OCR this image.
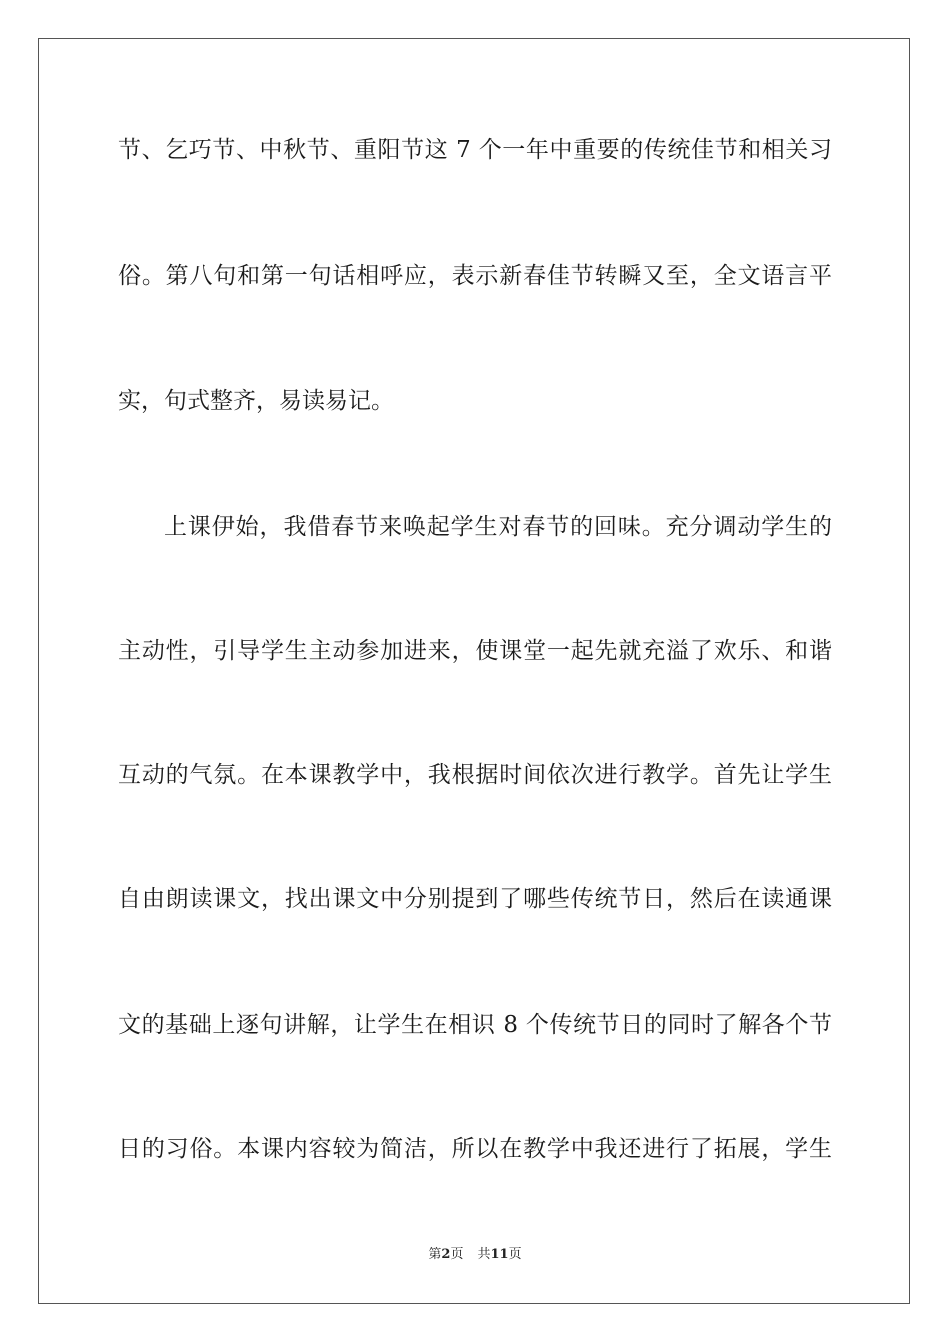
节、乞巧节、中秋节、重阳节这 7 个一年中重要的传统佳节和相关习
俗。第八句和第一句话相呼应，表示新春佳节转瞬又至，全文语言平
实，句式整齐，易读易记。
上课伊始，我借春节来唤起学生对春节的回味。充分调动学生的
主动性，引导学生主动参加进来，使课堂一起先就充溢了欢乐、和谐
互动的气氛。在本课教学中，我根据时间依次进行教学。首先让学生
自由朗读课文，找出课文中分别提到了哪些传统节日，然后在读通课
文的基础上逐句讲解，让学生在相识 8 个传统节日的同时了解各个节
日的习俗。本课内容较为简洁，所以在教学中我还进行了拓展，学生
第2页 共11页
